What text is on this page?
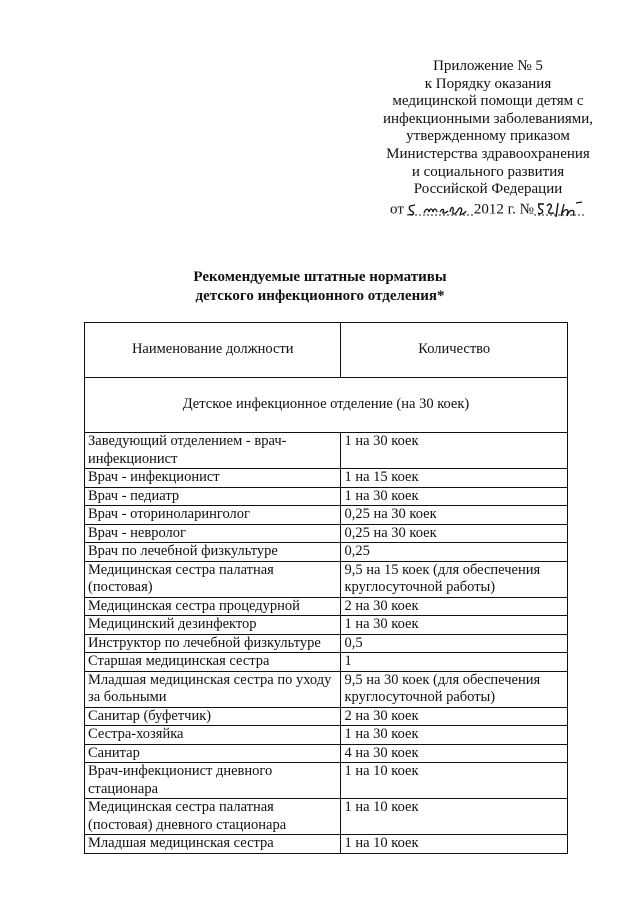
Приложение № 5
к Порядку оказания
медицинской помощи детям с
инфекционными заболеваниями,
утвержденному приказом
Министерства здравоохранения
и социального развития
Российской Федерации
от	2012 г. №
Рекомендуемые штатные нормативы
детского инфекционного отделения*
Наименование должности	Количество
Детское инфекционное отделение (на 30 коек)	
Заведующий отделением - врач-инфекционист	1 на 30 коек
Врач - инфекционист	1 на 15 коек
Врач - педиатр	1 на 30 коек
Врач - оториноларинголог	0,25 на 30 коек
Врач - невролог	0,25 на 30 коек
Врач по лечебной физкультуре	0,25
Медицинская сестра палатная (постовая)	9,5 на 15 коек (для обеспечения круглосуточной работы)
Медицинская сестра процедурной	2 на 30 коек
Медицинский дезинфектор	1 на 30 коек
Инструктор по лечебной физкультуре	0,5
Старшая медицинская сестра	1
Младшая медицинская сестра по уходу за больными	9,5 на 30 коек (для обеспечения круглосуточной работы)
Санитар (буфетчик)	2 на 30 коек
Сестра-хозяйка	1 на 30 коек
Санитар	4 на 30 коек
Врач-инфекционист дневного стационара	1 на 10 коек
Медицинская сестра палатная (постовая) дневного стационара	1 на 10 коек
Младшая медицинская сестра	1 на 10 коек
